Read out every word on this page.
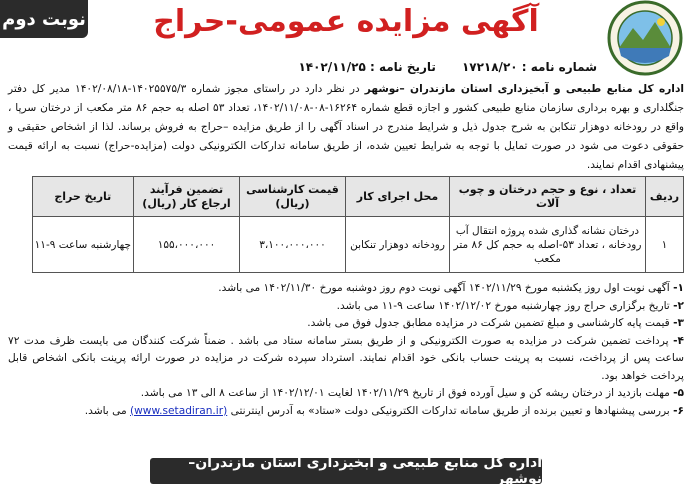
نوبت دوم آگهی مزایده عمومی-حراج
شماره نامه : ۱۷۲۱۸/۲۰
تاریخ نامه : ۱۴۰۲/۱۱/۲۵

اداره کل منابع طبیعی و آبخیزداری استان مازندران –نوشهر در نظر دارد در راستای مجوز شماره ۱۴۰۲۵۵۷۵/۳-۱۴۰۲/۰۸/۱۸ مدیر کل دفتر جنگلداری و بهره برداری سازمان منابع طبیعی کشور و اجازه قطع شماره ۱۶۲۶۴-۰۸-۱۴۰۲/۱۱/۰۸، تعداد ۵۳ اصله به حجم ۸۶ متر مکعب از درختان سرپا ، واقع در رودخانه دوهزار تنکابن به شرح جدول ذیل و شرایط مندرج در اسناد آگهی را از طریق مزایده –حراج به فروش برساند. لذا از اشخاص حقیقی و حقوقی دعوت می شود در صورت تمایل با توجه به شرایط تعیین شده، از طریق سامانه تدارکات الکترونیکی دولت (مزایده-حراج) نسبت به ارائه قیمت پیشنهادی اقدام نمایند.

ردیف	تعداد ، نوع و حجم درختان و چوب آلات	محل اجرای کار	قیمت کارشناسی (ریال)	تضمین فرآیند ارجاع کار (ریال)	تاریخ حراج
۱	درختان نشانه گذاری شده پروژه انتقال آب رودخانه ، تعداد ۵۳-اصله به حجم کل ۸۶ متر مکعب	رودخانه دوهزار تنکابن	۳،۱۰۰،۰۰۰،۰۰۰	۱۵۵،۰۰۰،۰۰۰	چهارشنبه ساعت ۹-۱۱
۱- آگهی نوبت اول روز یکشنبه مورخ ۱۴۰۲/۱۱/۲۹ آگهی نوبت دوم روز دوشنبه مورخ ۱۴۰۲/۱۱/۳۰ می باشد.
۲- تاریخ برگزاری حراج روز چهارشنبه مورخ ۱۴۰۲/۱۲/۰۲ ساعت ۹-۱۱ می باشد.
۳- قیمت پایه کارشناسی و مبلغ تضمین شرکت در مزایده مطابق جدول فوق می باشد.
۴- پرداخت تضمین شرکت در مزایده به صورت الکترونیکی و از طریق بستر سامانه ستاد می باشد . ضمناً شرکت کنندگان می بایست ظرف مدت ۷۲ ساعت پس از پرداخت، نسبت به پرینت حساب بانکی خود اقدام نمایند. استرداد سپرده شرکت در مزایده در صورت ارائه پرینت بانکی اشخاص قابل پرداخت خواهد بود.
۵- مهلت بازدید از درختان ریشه کن و سیل آورده فوق از تاریخ ۱۴۰۲/۱۱/۲۹ لغایت ۱۴۰۲/۱۲/۰۱ از ساعت ۸ الی ۱۳ می باشد.
۶- بررسی پیشنهادها و تعیین برنده از طریق سامانه تدارکات الکترونیکی دولت «ستاد» به آدرس اینترنتی (www.setadiran.ir) می باشد.
اداره کل منابع طبیعی و آبخیزداری استان مازندران–نوشهر
